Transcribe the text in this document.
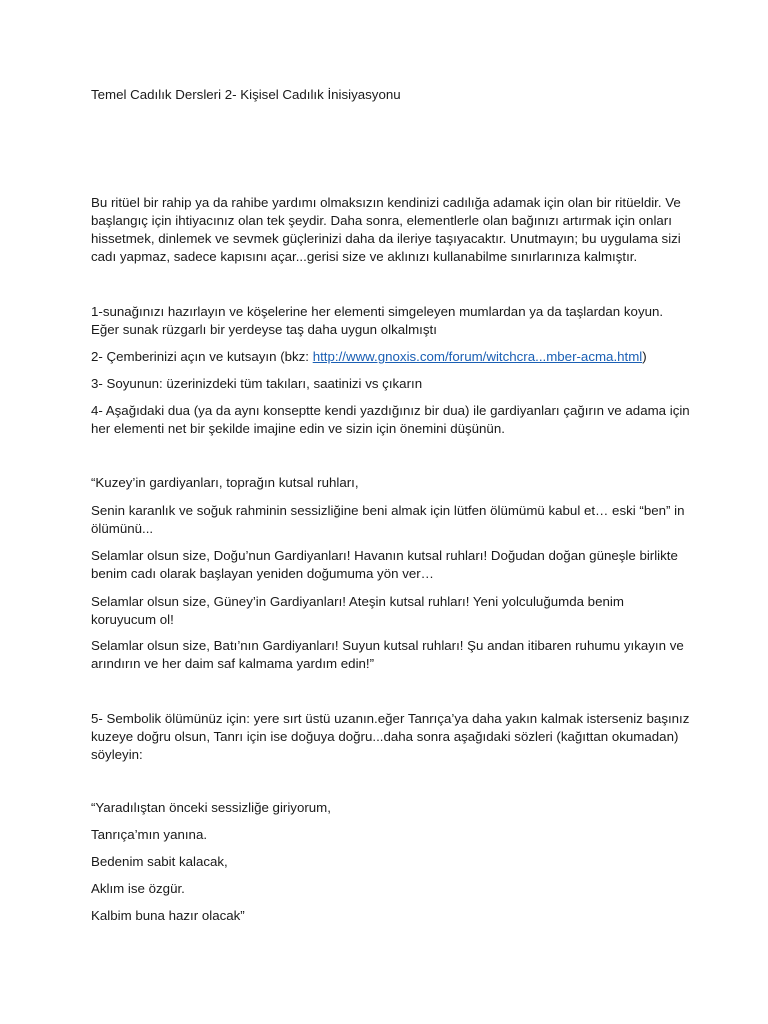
Temel Cadılık Dersleri 2- Kişisel Cadılık İnisiyasyonu

Bu ritüel bir rahip ya da rahibe yardımı olmaksızın kendinizi cadılığa adamak için olan bir ritüeldir. Ve başlangıç için ihtiyacınız olan tek şeydir. Daha sonra, elementlerle olan bağınızı artırmak için onları hissetmek, dinlemek ve sevmek güçlerinizi daha da ileriye taşıyacaktır. Unutmayın; bu uygulama sizi cadı yapmaz, sadece kapısını açar...gerisi size ve aklınızı kullanabilme sınırlarınıza kalmıştır.

1-sunağınızı hazırlayın ve köşelerine her elementi simgeleyen mumlardan ya da taşlardan koyun. Eğer sunak rüzgarlı bir yerdeyse taş daha uygun olkalmıştı

2- Çemberinizi açın ve kutsayın (bkz: http://www.gnoxis.com/forum/witchcra...mber-acma.html)

3- Soyunun: üzerinizdeki tüm takıları, saatinizi vs çıkarın

4- Aşağıdaki dua (ya da aynı konseptte kendi yazdığınız bir dua) ile gardiyanları çağırın ve adama için her elementi net bir şekilde imajine edin ve sizin için önemini düşünün.

“Kuzey’in gardiyanları, toprağın kutsal ruhları,

Senin karanlık ve soğuk rahminin sessizliğine beni almak için lütfen ölümümü kabul et… eski “ben” in ölümünü...

Selamlar olsun size, Doğu’nun Gardiyanları! Havanın kutsal ruhları! Doğudan doğan güneşle birlikte benim cadı olarak başlayan yeniden doğumuma yön ver…

Selamlar olsun size, Güney’in Gardiyanları! Ateşin kutsal ruhları! Yeni yolculuğumda benim koruyucum ol!

Selamlar olsun size, Batı’nın Gardiyanları! Suyun kutsal ruhları! Şu andan itibaren ruhumu yıkayın ve arındırın ve her daim saf kalmama yardım edin!”

5- Sembolik ölümünüz için: yere sırt üstü uzanın.eğer Tanrıça’ya daha yakın kalmak isterseniz başınız kuzeye doğru olsun, Tanrı için ise doğuya doğru...daha sonra aşağıdaki sözleri (kağıttan okumadan) söyleyin:

“Yaradılıştan önceki sessizliğe giriyorum,

Tanrıça’mın yanına.

Bedenim sabit kalacak,

Aklım ise özgür.

Kalbim buna hazır olacak”
